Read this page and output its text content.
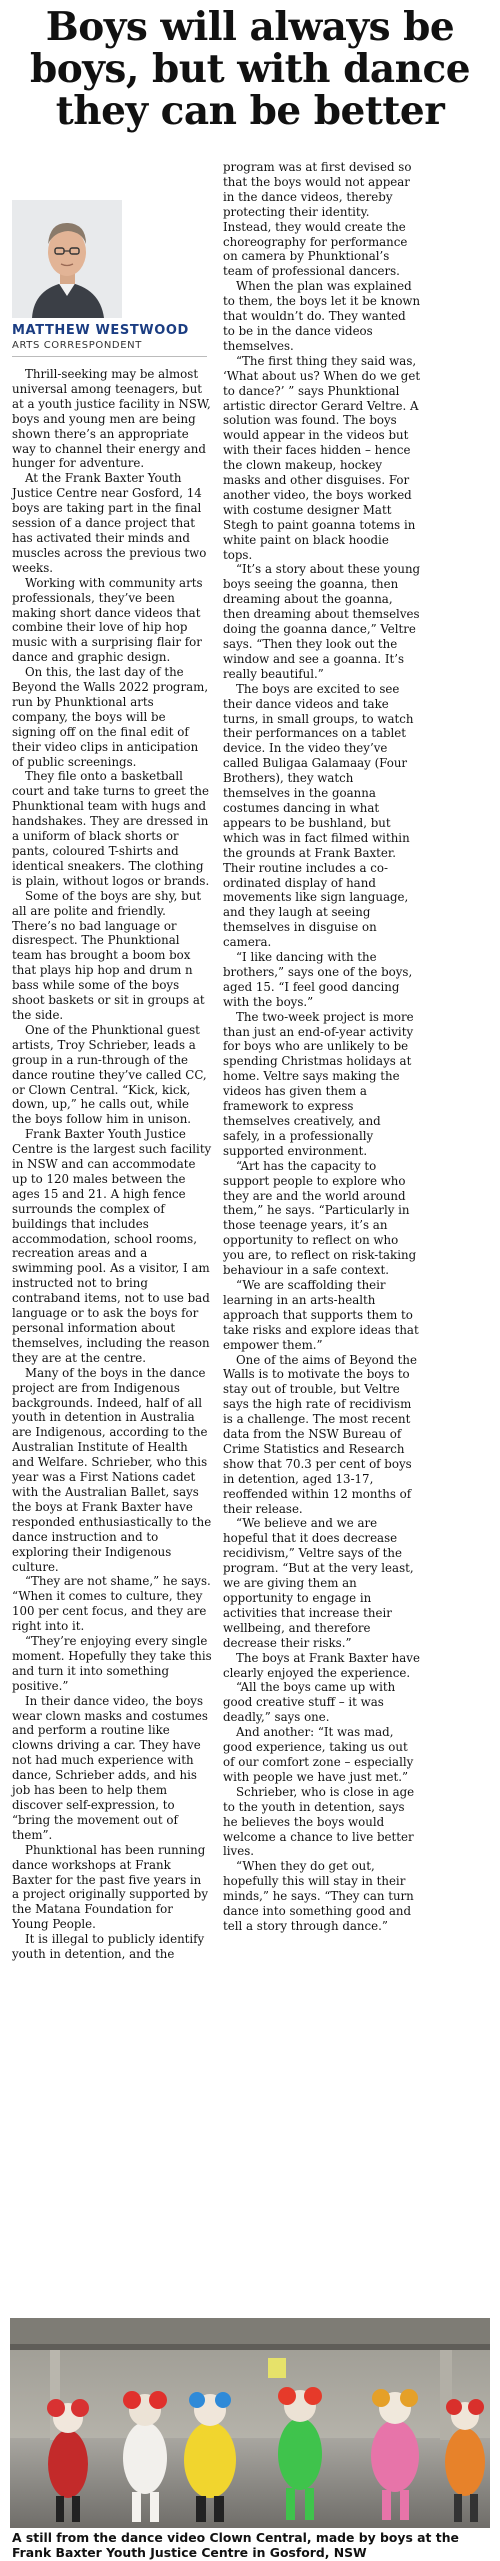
Boys will always be boys, but with dance they can be better
MATTHEW WESTWOOD
ARTS CORRESPONDENT

Thrill-seeking may be almost universal among teenagers, but at a youth justice facility in NSW, boys and young men are being shown there’s an appropriate way to channel their energy and hunger for adventure.

At the Frank Baxter Youth Justice Centre near Gosford, 14 boys are taking part in the final session of a dance project that has activated their minds and muscles across the previous two weeks.

Working with community arts professionals, they’ve been making short dance videos that combine their love of hip hop music with a surprising flair for dance and graphic design.

On this, the last day of the Beyond the Walls 2022 program, run by Phunktional arts company, the boys will be signing off on the final edit of their video clips in anticipation of public screenings.

They file onto a basketball court and take turns to greet the Phunktional team with hugs and handshakes. They are dressed in a uniform of black shorts or pants, coloured T-shirts and identical sneakers. The clothing is plain, without logos or brands.

Some of the boys are shy, but all are polite and friendly. There’s no bad language or disrespect. The Phunktional team has brought a boom box that plays hip hop and drum n bass while some of the boys shoot baskets or sit in groups at the side.

One of the Phunktional guest artists, Troy Schrieber, leads a group in a run-through of the dance routine they’ve called CC, or Clown Central. “Kick, kick, down, up,” he calls out, while the boys follow him in unison.

Frank Baxter Youth Justice Centre is the largest such facility in NSW and can accommodate up to 120 males between the ages 15 and 21. A high fence surrounds the complex of buildings that includes accommodation, school rooms, recreation areas and a swimming pool. As a visitor, I am instructed not to bring contraband items, not to use bad language or to ask the boys for personal information about themselves, including the reason they are at the centre.

Many of the boys in the dance project are from Indigenous backgrounds. Indeed, half of all youth in detention in Australia are Indigenous, according to the Australian Institute of Health and Welfare. Schrieber, who this year was a First Nations cadet with the Australian Ballet, says the boys at Frank Baxter have responded enthusiastically to the dance instruction and to exploring their Indigenous culture.

“They are not shame,” he says. “When it comes to culture, they 100 per cent focus, and they are right into it.

“They’re enjoying every single moment. Hopefully they take this and turn it into something positive.”

In their dance video, the boys wear clown masks and costumes and perform a routine like clowns driving a car. They have not had much experience with dance, Schrieber adds, and his job has been to help them discover self-expression, to “bring the movement out of them”.

Phunktional has been running dance workshops at Frank Baxter for the past five years in a project originally supported by the Matana Foundation for Young People.

It is illegal to publicly identify youth in detention, and the

program was at first devised so that the boys would not appear in the dance videos, thereby protecting their identity. Instead, they would create the choreography for performance on camera by Phunktional’s team of professional dancers.

When the plan was explained to them, the boys let it be known that wouldn’t do. They wanted to be in the dance videos themselves.

“The first thing they said was, ‘What about us? When do we get to dance?’ ” says Phunktional artistic director Gerard Veltre. A solution was found. The boys would appear in the videos but with their faces hidden – hence the clown makeup, hockey masks and other disguises. For another video, the boys worked with costume designer Matt Stegh to paint goanna totems in white paint on black hoodie tops.

“It’s a story about these young boys seeing the goanna, then dreaming about the goanna, then dreaming about themselves doing the goanna dance,” Veltre says. “Then they look out the window and see a goanna. It’s really beautiful.”

The boys are excited to see their dance videos and take turns, in small groups, to watch their performances on a tablet device. In the video they’ve called Buligaa Galamaay (Four Brothers), they watch themselves in the goanna costumes dancing in what appears to be bushland, but which was in fact filmed within the grounds at Frank Baxter. Their routine includes a co-ordinated display of hand movements like sign language, and they laugh at seeing themselves in disguise on camera.

“I like dancing with the brothers,” says one of the boys, aged 15. “I feel good dancing with the boys.”

The two-week project is more than just an end-of-year activity for boys who are unlikely to be spending Christmas holidays at home. Veltre says making the videos has given them a framework to express themselves creatively, and safely, in a professionally supported environment.

“Art has the capacity to support people to explore who they are and the world around them,” he says. “Particularly in those teenage years, it’s an opportunity to reflect on who you are, to reflect on risk-taking behaviour in a safe context.

“We are scaffolding their learning in an arts-health approach that supports them to take risks and explore ideas that empower them.”

One of the aims of Beyond the Walls is to motivate the boys to stay out of trouble, but Veltre says the high rate of recidivism is a challenge. The most recent data from the NSW Bureau of Crime Statistics and Research show that 70.3 per cent of boys in detention, aged 13-17, reoffended within 12 months of their release.

“We believe and we are hopeful that it does decrease recidivism,” Veltre says of the program. “But at the very least, we are giving them an opportunity to engage in activities that increase their wellbeing, and therefore decrease their risks.”

The boys at Frank Baxter have clearly enjoyed the experience.

“All the boys came up with good creative stuff – it was deadly,” says one.

And another: “It was mad, good experience, taking us out of our comfort zone – especially with people we have just met.”

Schrieber, who is close in age to the youth in detention, says he believes the boys would welcome a chance to live better lives.

“When they do get out, hopefully this will stay in their minds,” he says. “They can turn dance into something good and tell a story through dance.”

A still from the dance video Clown Central, made by boys at the Frank Baxter Youth Justice Centre in Gosford, NSW
